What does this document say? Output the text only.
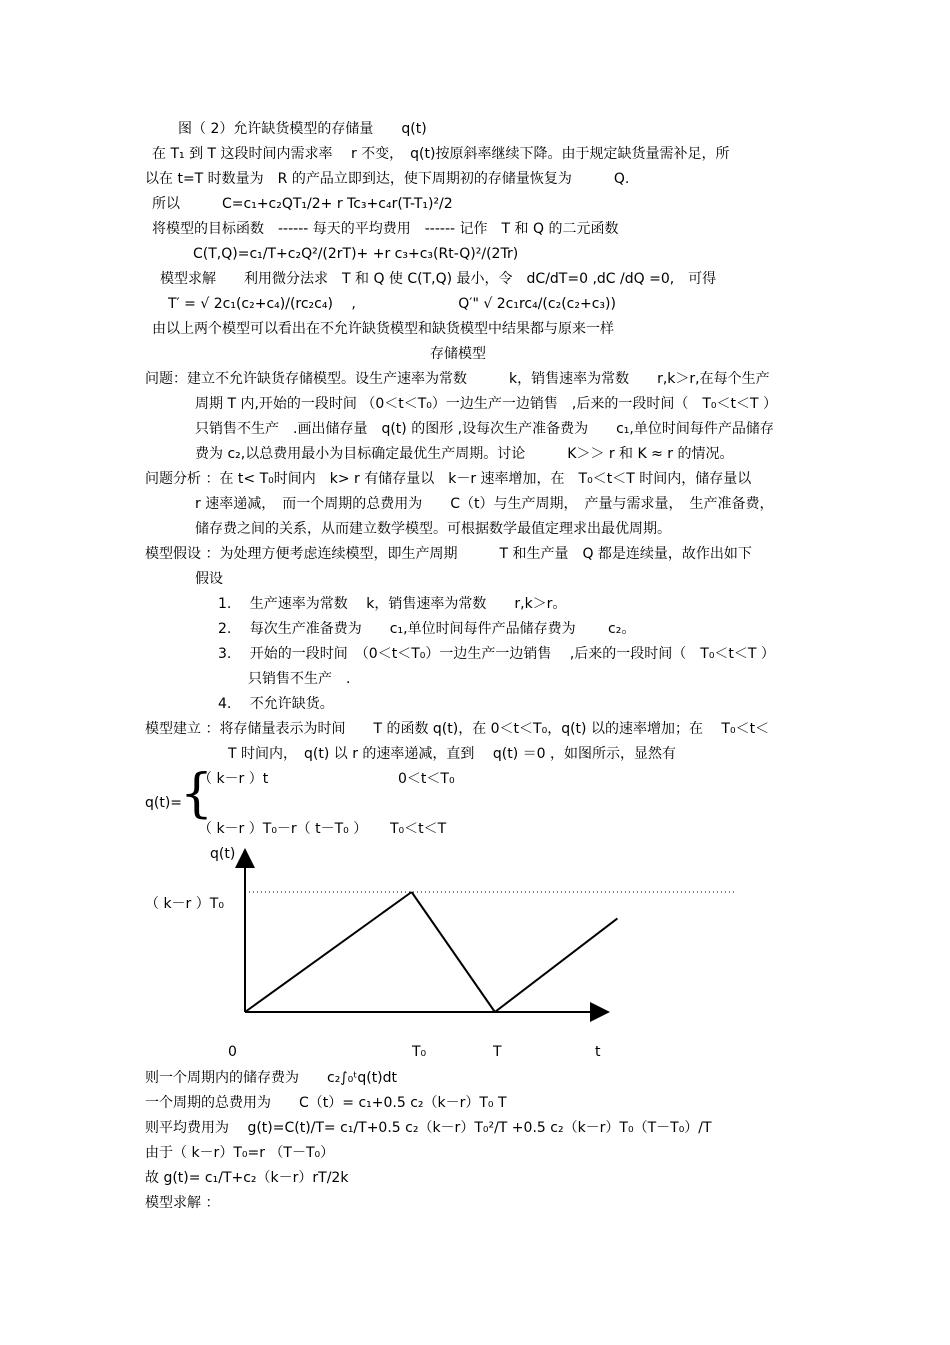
图（ 2）允许缺货模型的存储量　　q(t)
在 T₁ 到 T 这段时间内需求率　 r 不变，　q(t)按原斜率继续下降。由于规定缺货量需补足，所
以在 t=T 时数量为　R 的产品立即到达，使下周期初的存储量恢复为　　　Q.
所以　　　C=c₁+c₂QT₁/2+ r Tc₃+c₄r(T-T₁)²/2
将模型的目标函数　------ 每天的平均费用　------ 记作　T 和 Q 的二元函数
C(T,Q)=c₁/T+c₂Q²/(2rT)+ +r c₃+c₃(Rt-Q)²/(2Tr)
模型求解　　利用微分法求　T 和 Q 使 C(T,Q) 最小，令　dC/dT=0 ,dC /dQ =0,　可得
T′ = √ 2c₁(c₂+c₄)/(rc₂c₄)　 ,　　　　　　　 Q′" √ 2c₁rc₄/(c₂(c₂+c₃))
由以上两个模型可以看出在不允许缺货模型和缺货模型中结果都与原来一样
存储模型
问题：建立不允许缺货存储模型。设生产速率为常数　　　k，销售速率为常数　　r,k＞r,在每个生产
周期 T 内,开始的一段时间 （0＜t＜T₀）一边生产一边销售　,后来的一段时间（　T₀＜t＜T ）
只销售不生产　.画出储存量　q(t) 的图形 ,设每次生产准备费为　　c₁,单位时间每件产品储存
费为 c₂,以总费用最小为目标确定最优生产周期。讨论　　　K＞＞ r 和 K ≈ r 的情况。
问题分析 ：在 t< T₀时间内　k> r 有储存量以　k－r 速率增加，在　T₀＜t＜T 时间内，储存量以
r 速率递减，　而一个周期的总费用为　　C（t）与生产周期，　产量与需求量，　生产准备费，
储存费之间的关系，从而建立数学模型。可根据数学最值定理求出最优周期。
模型假设 ：为处理方便考虑连续模型，即生产周期　　　T 和生产量　Q 都是连续量，故作出如下
假设
1.　 生产速率为常数　 k，销售速率为常数　　r,k＞r。
2.　 每次生产准备费为　　c₁,单位时间每件产品储存费为　　 c₂。
3.　 开始的一段时间　（0＜t＜T₀）一边生产一边销售　 ,后来的一段时间（　T₀＜t＜T ）
只销售不生产　.
4.　 不允许缺货。
模型建立 ：将存储量表示为时间　　T 的函数 q(t)，在 0＜t＜T₀，q(t) 以的速率增加；在　 T₀＜t＜
T 时间内，　q(t) 以 r 的速率递减，直到　 q(t) ＝0 ，如图所示，显然有
q(t)=
{
（ k－r ）t	0＜t＜T₀
（ k－r ）T₀－r（ t－T₀ ） T₀＜t＜T
q(t)
（ k－r ）T₀
0	T₀	T	t
则一个周期内的储存费为　　c₂∫₀ᵗq(t)dt
一个周期的总费用为　　C（t）= c₁+0.5 c₂（k－r）T₀ T
则平均费用为　 g(t)=C(t)/T= c₁/T+0.5 c₂（k－r）T₀²/T +0.5 c₂（k－r）T₀（T－T₀）/T
由于（ k－r）T₀=r （T－T₀）
故 g(t)= c₁/T+c₂（k－r）rT/2k
模型求解 ：
